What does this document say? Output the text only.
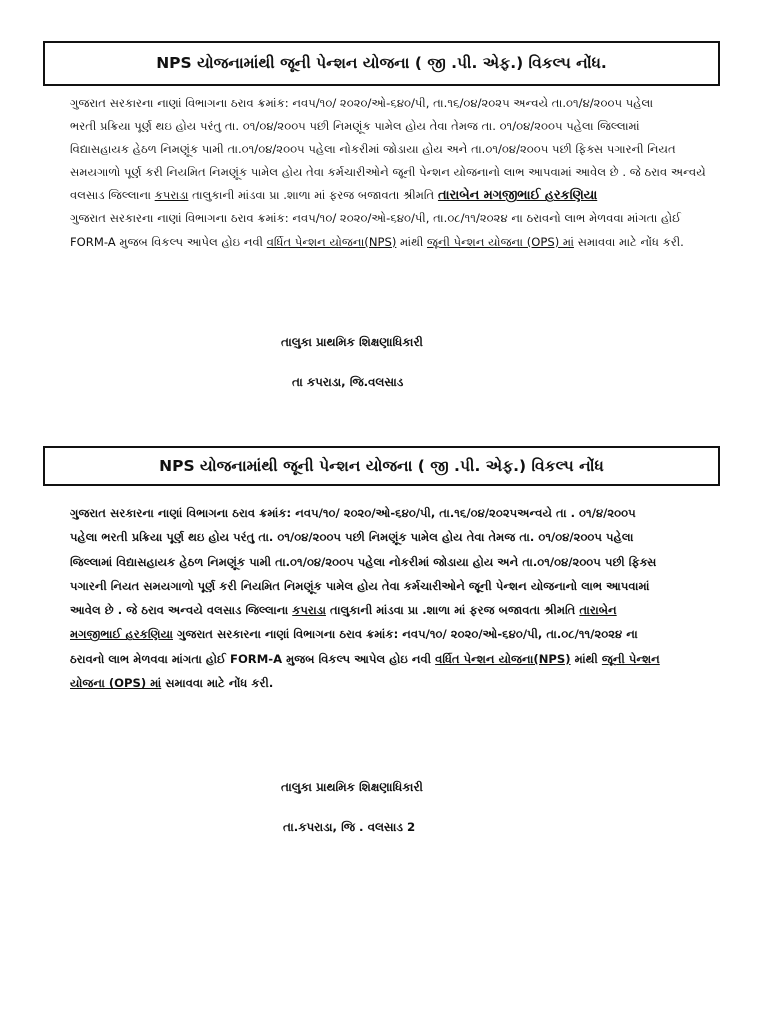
NPS યોજનામાંથી જૂની પેન્શન યોજના ( જી .પી. એફ.) વિકલ્પ નોંધ.

ગુજરાત સરકારના નાણાં વિભાગના ઠરાવ ક્રમાંક: નવપ/૧૦/ ૨૦૨૦/ઓ-૬૪૦/પી, તા.૧૬/૦૪/૨૦૨૫ અન્વયે તા.૦૧/૪/૨૦૦૫ પહેલા
ભરતી પ્રક્રિયા પૂર્ણ થઇ હોય પરંતુ તા. ૦૧/૦૪/૨૦૦૫ પછી નિમણૂંક પામેલ હોય તેવા તેમજ તા. ૦૧/૦૪/૨૦૦૫ પહેલા જિલ્લામાં
વિદ્યાસહાયક હેઠળ નિમણૂંક પામી તા.૦૧/૦૪/૨૦૦૫ પહેલા નોકરીમાં જોડાયા હોય અને તા.૦૧/૦૪/૨૦૦૫ પછી ફિક્સ પગારની નિયત
સમયગાળો પૂર્ણ કરી નિયમિત નિમણૂંક પામેલ હોય તેવા કર્મચારીઓને જૂની પેન્શન યોજનાનો લાભ આપવામાં આવેલ છે . જે ઠરાવ અન્વયે
વલસાડ જિલ્લાના કપરાડા તાલુકાની માંડવા પ્રા .શાળા માં ફરજ બજાવતા શ્રીમતિ તારાબેન મગજીભાઈ હરકણિયા
ગુજરાત સરકારના નાણાં વિભાગના ઠરાવ ક્રમાંક: નવપ/૧૦/ ૨૦૨૦/ઓ-૬૪૦/પી, તા.૦૮/૧૧/૨૦૨૪ ના ઠરાવનો લાભ મેળવવા માંગતા હોઈ
FORM-A મુજબ વિકલ્પ આપેલ હોઇ નવી વર્ધિત પેન્શન યોજના(NPS) માંથી જૂની પેન્શન યોજના (OPS) માં સમાવવા માટે નોંધ કરી.

તાલુકા પ્રાથમિક શિક્ષણાધિકારી
તા કપરાડા, જિ.વલસાડ
NPS યોજનામાંથી જૂની પેન્શન યોજના ( જી .પી. એફ.) વિકલ્પ નોંધ

ગુજરાત સરકારના નાણાં વિભાગના ઠરાવ ક્રમાંક: નવપ/૧૦/ ૨૦૨૦/ઓ-૬૪૦/પી, તા.૧૬/૦૪/૨૦૨૫અન્વયે તા . ૦૧/૪/૨૦૦૫
પહેલા ભરતી પ્રક્રિયા પૂર્ણ થઇ હોય પરંતુ તા. ૦૧/૦૪/૨૦૦૫ પછી નિમણૂંક પામેલ હોય તેવા તેમજ તા. ૦૧/૦૪/૨૦૦૫ પહેલા
જિલ્લામાં વિદ્યાસહાયક હેઠળ નિમણૂંક પામી તા.૦૧/૦૪/૨૦૦૫ પહેલા નોકરીમાં જોડાયા હોય અને તા.૦૧/૦૪/૨૦૦૫ પછી ફિક્સ
પગારની નિયત સમયગાળો પૂર્ણ કરી નિયમિત નિમણૂંક પામેલ હોય તેવા કર્મચારીઓને જૂની પેન્શન યોજનાનો લાભ આપવામાં
આવેલ છે . જે ઠરાવ અન્વયે વલસાડ જિલ્લાના કપરાડા તાલુકાની માંડવા પ્રા .શાળા માં ફરજ બજાવતા શ્રીમતિ તારાબેન
મગજીભાઈ હરકણિયા ગુજરાત સરકારના નાણાં વિભાગના ઠરાવ ક્રમાંક: નવપ/૧૦/ ૨૦૨૦/ઓ-૬૪૦/પી, તા.૦૮/૧૧/૨૦૨૪ ના
ઠરાવનો લાભ મેળવવા માંગતા હોઈ FORM-A મુજબ વિકલ્પ આપેલ હોઇ નવી વર્ધિત પેન્શન યોજના(NPS) માંથી જૂની પેન્શન
યોજના (OPS) માં સમાવવા માટે નોંધ કરી.

તાલુકા પ્રાથમિક શિક્ષણાધિકારી
તા.કપરાડા, જિ . વલસાડ 2
